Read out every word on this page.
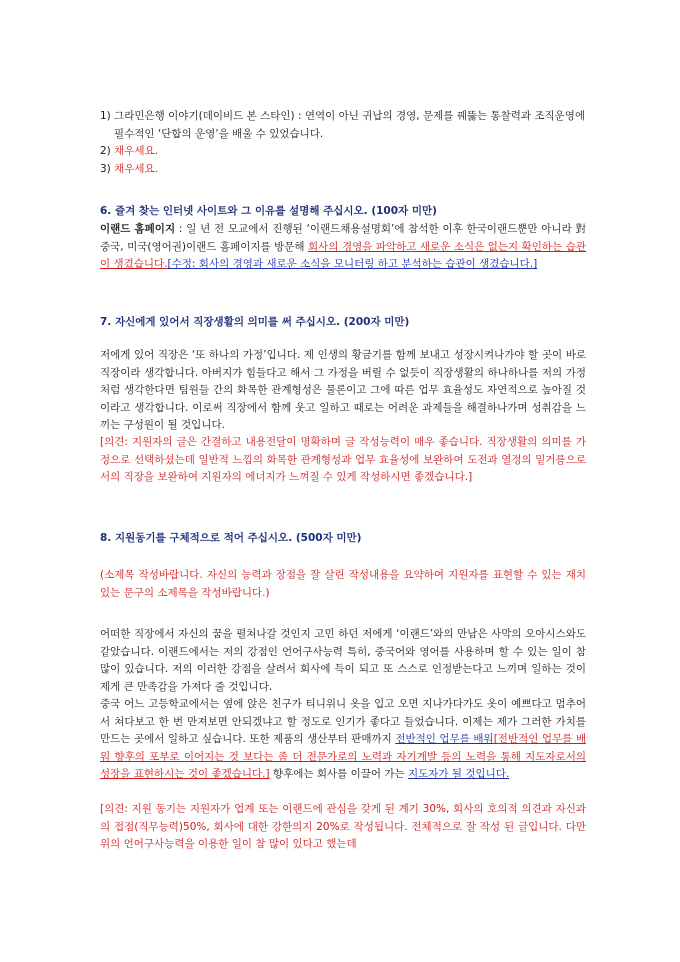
1) 그라민은행 이야기(데이비드 본 스타인) : 연역이 아닌 귀납의 경영, 문제를 꿰뚫는 통찰력과 조직운영에 필수적인 ‘단합의 운영’을 배울 수 있었습니다.
2) 채우세요.
3) 채우세요.
6. 즐겨 찾는 인터넷 사이트와 그 이유를 설명해 주십시오. (100자 미만)
이랜드 홈페이지 : 일 년 전 모교에서 진행된 ‘이랜드채용설명회’에 참석한 이후 한국이랜드뿐만 아니라 對중국, 미국(영어권)이랜드 홈페이지를 방문해 회사의 경영을 파악하고 새로운 소식은 없는지 확인하는 습관이 생겼습니다.[수정: 회사의 경영과 새로운 소식을 모니터링 하고 분석하는 습관이 생겼습니다.]
7. 자신에게 있어서 직장생활의 의미를 써 주십시오. (200자 미만)
저에게 있어 직장은 ‘또 하나의 가정’입니다. 제 인생의 황금기를 함께 보내고 성장시켜나가야 할 곳이 바로 직장이라 생각합니다. 아버지가 힘들다고 해서 그 가정을 버릴 수 없듯이 직장생활의 하나하나를 저의 가정처럼 생각한다면 팀원들 간의 화목한 관계형성은 물론이고 그에 따른 업무 효율성도 자연적으로 높아질 것이라고 생각합니다. 이로써 직장에서 함께 웃고 일하고 때로는 어려운 과제들을 해결하나가며 성취감을 느끼는 구성원이 될 것입니다.
[의견: 지원자의 글은 간결하고 내용전달이 명확하며 글 작성능력이 매우 좋습니다. 직장생활의 의미를 가정으로 선택하셨는데 일반적 느낌의 화목한 관계형성과 업무 효율성에 보완하여 도전과 열정의 밑거름으로서의 직장을 보완하여 지원자의 에너지가 느껴질 수 있게 작성하시면 좋겠습니다.]
8. 지원동기를 구체적으로 적어 주십시오. (500자 미만)
(소제목 작성바랍니다. 자신의 능력과 장점을 잘 살린 작성내용을 요약하여 지원자를 표현할 수 있는 재치 있는 문구의 소제목을 작성바랍니다.)
어떠한 직장에서 자신의 꿈을 펼쳐나갈 것인지 고민 하던 저에게 ‘이랜드’와의 만남은 사막의 오아시스와도 같았습니다. 이랜드에서는 저의 강점인 언어구사능력 특히, 중국어와 영어를 사용하며 할 수 있는 일이 참 많이 있습니다. 저의 이러한 강점을 살려서 회사에 득이 되고 또 스스로 인정받는다고 느끼며 일하는 것이 제게 큰 만족감을 가져다 줄 것입니다.
중국 어느 고등학교에서는 옆에 앉은 친구가 티니위니 옷을 입고 오면 지나가다가도 옷이 예쁘다고 멈추어서 쳐다보고 한 번 만져보면 안되겠냐고 할 정도로 인기가 좋다고 들었습니다. 이제는 제가 그러한 가치를 만드는 곳에서 일하고 싶습니다. 또한 제품의 생산부터 판매까지 전반적인 업무를 배워[전반적인 업무를 배워 향후의 포부로 이어지는 것 보다는 좀 더 전문가로의 노력과 자기계발 등의 노력을 통해 지도자로서의 성장을 표현하시는 것이 좋겠습니다.] 향후에는 회사를 이끌어 가는 지도자가 될 것입니다.
[의견: 지원 동기는 지원자가 업계 또는 이랜드에 관심을 갖게 된 계기 30%, 회사의 호의적 의견과 자신과의 접점(직무능력)50%, 회사에 대한 강한의지 20%로 작성됩니다. 전체적으로 잘 작성 된 글입니다. 다만 위의 언어구사능력을 이용한 일이 참 많이 있다고 했는데
